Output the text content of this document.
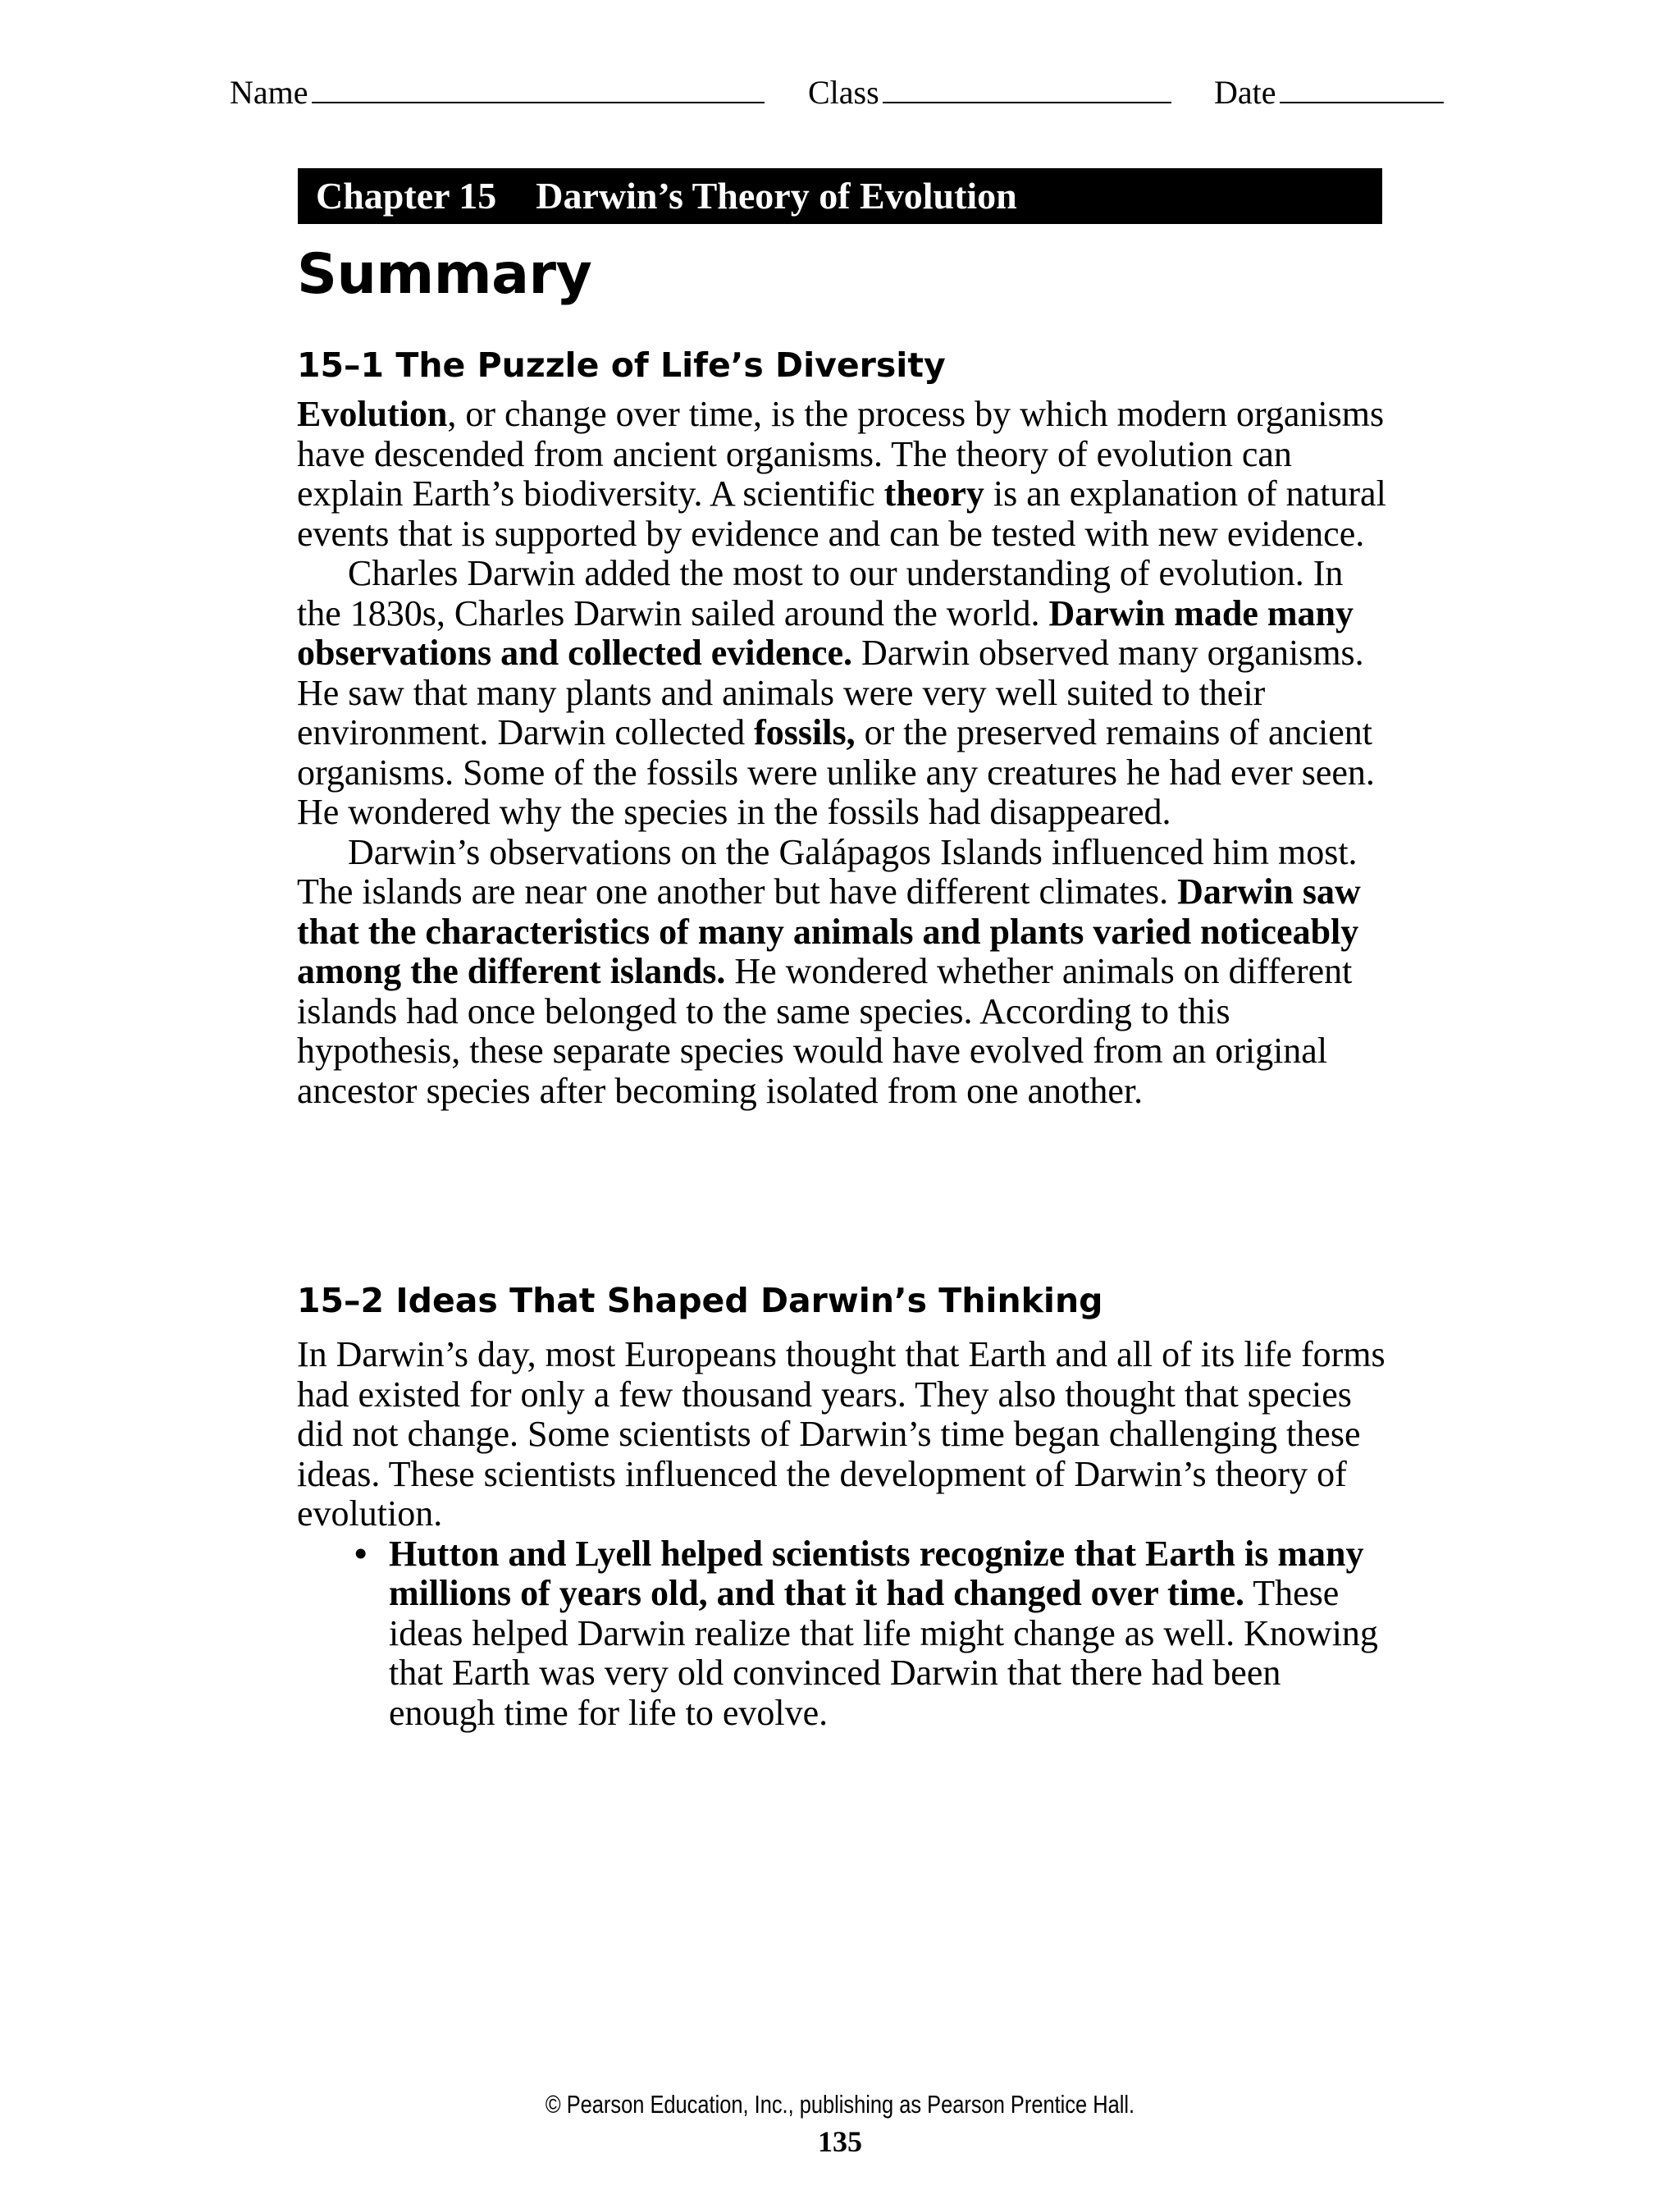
Name	Class	Date
Chapter 15 Darwin’s Theory of Evolution
Summary
15–1 The Puzzle of Life’s Diversity

Evolution, or change over time, is the process by which modern organisms have descended from ancient organisms. The theory of evolution can explain Earth’s biodiversity. A scientific theory is an explanation of natural events that is supported by evidence and can be tested with new evidence.

Charles Darwin added the most to our understanding of evolution. In the 1830s, Charles Darwin sailed around the world. Darwin made many observations and collected evidence. Darwin observed many organisms. He saw that many plants and animals were very well suited to their environment. Darwin collected fossils, or the preserved remains of ancient organisms. Some of the fossils were unlike any creatures he had ever seen. He wondered why the species in the fossils had disappeared.

Darwin’s observations on the Galápagos Islands influenced him most. The islands are near one another but have different climates. Darwin saw that the characteristics of many animals and plants varied noticeably among the different islands. He wondered whether animals on different islands had once belonged to the same species. According to this hypothesis, these separate species would have evolved from an original ancestor species after becoming isolated from one another.

15–2 Ideas That Shaped Darwin’s Thinking

In Darwin’s day, most Europeans thought that Earth and all of its life forms had existed for only a few thousand years. They also thought that species did not change. Some scientists of Darwin’s time began challenging these ideas. These scientists influenced the development of Darwin’s theory of evolution.

• Hutton and Lyell helped scientists recognize that Earth is many millions of years old, and that it had changed over time. These ideas helped Darwin realize that life might change as well. Knowing that Earth was very old convinced Darwin that there had been enough time for life to evolve.
© Pearson Education, Inc., publishing as Pearson Prentice Hall.
135
